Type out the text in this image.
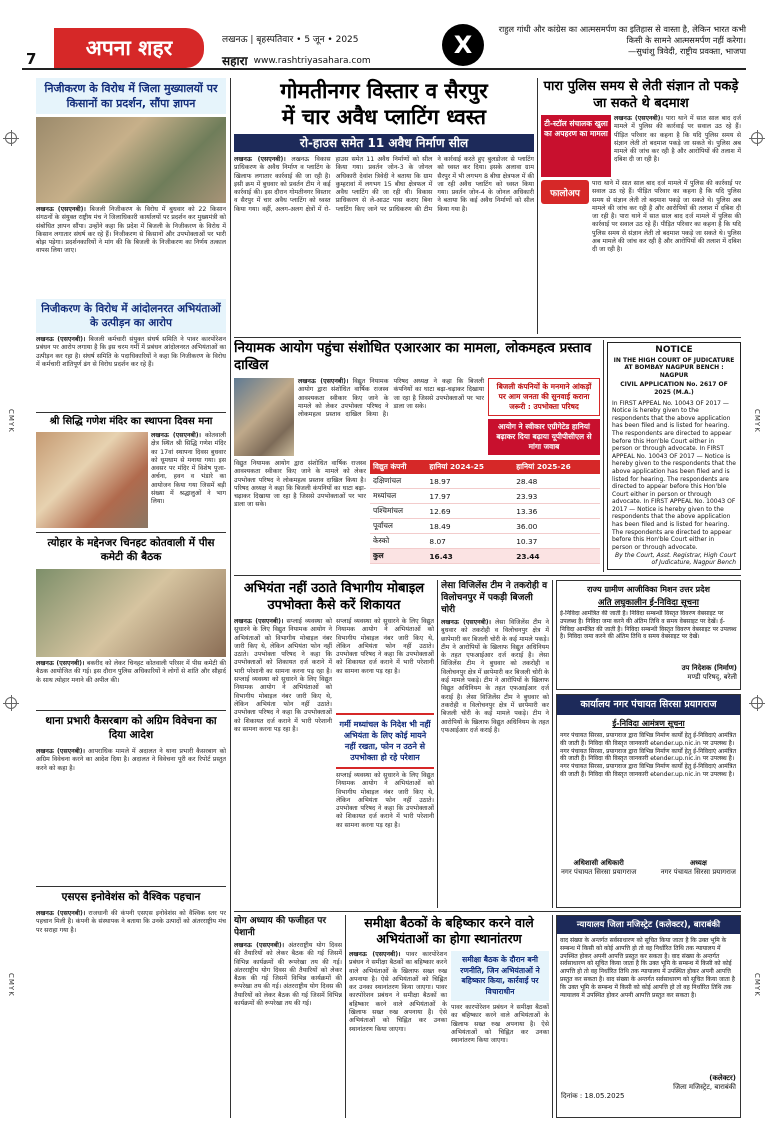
CMYK
CMYK
CMYK
CMYK
7	अपना शहर	लखनऊ | बृहस्पतिवार • 5 जून • 2025
सहारा www.rashtriyasahara.com
X
राहुल गांधी और कांग्रेस का आत्मसमर्पण का इतिहास से वास्ता है, लेकिन भारत कभी किसी के सामने आत्मसमर्पण नहीं करेगा।
—सुधांशु त्रिवेदी, राष्ट्रीय प्रवक्ता, भाजपा
निजीकरण के विरोध में जिला मुख्यालयों पर किसानों का प्रदर्शन, सौंपा ज्ञापन
लखनऊ (एसएनबी)। बिजली निजीकरण के विरोध में बुधवार को 22 किसान संगठनों के संयुक्त राष्ट्रीय मंच ने जिलाधिकारी कार्यालयों पर प्रदर्शन कर मुख्यमंत्री को संबोधित ज्ञापन सौंपा। उन्होंने कहा कि प्रदेश में बिजली के निजीकरण के विरोध में किसान लगातार संघर्ष कर रहे हैं। निजीकरण से किसानों और उपभोक्ताओं पर भारी बोझ पड़ेगा। प्रदर्शनकारियों ने मांग की कि बिजली के निजीकरण का निर्णय तत्काल वापस लिया जाए।
निजीकरण के विरोध में आंदोलनरत अभियंताओं के उत्पीड़न का आरोप
लखनऊ (एसएनबी)। बिजली कर्मचारी संयुक्त संघर्ष समिति ने पावर कारपोरेशन प्रबंधन पर आरोप लगाया है कि इस चरम गर्मी में प्रबंधन आंदोलनरत अभियंताओं का उत्पीड़न कर रहा है। संघर्ष समिति के पदाधिकारियों ने कहा कि निजीकरण के विरोध में कर्मचारी शांतिपूर्ण ढंग से विरोध प्रदर्शन कर रहे हैं।
श्री सिद्धि गणेश मंदिर का स्थापना दिवस मना
लखनऊ (एसएनबी)। कोतवाली क्षेत्र स्थित श्री सिद्धि गणेश मंदिर का 17वां स्थापना दिवस बुधवार को धूमधाम से मनाया गया। इस अवसर पर मंदिर में विशेष पूजा-अर्चना, हवन व भंडारे का आयोजन किया गया जिसमें बड़ी संख्या में श्रद्धालुओं ने भाग लिया।
त्योहार के मद्देनजर चिनहट कोतवाली में पीस कमेटी की बैठक
लखनऊ (एसएनबी)। बकरीद को लेकर चिनहट कोतवाली परिसर में पीस कमेटी की बैठक आयोजित की गई। इस दौरान पुलिस अधिकारियों ने लोगों से शांति और सौहार्द के साथ त्योहार मनाने की अपील की।
थाना प्रभारी कैसरबाग को अग्रिम विवेचना का दिया आदेश
लखनऊ (एसएनबी)। आपराधिक मामले में अदालत ने थाना प्रभारी कैसरबाग को अग्रिम विवेचना करने का आदेश दिया है। अदालत ने विवेचना पूरी कर रिपोर्ट प्रस्तुत करने को कहा है।
एसएस इनोवेशंस को वैश्विक पहचान
लखनऊ (एसएनबी)। राजधानी की कंपनी एसएस इनोवेशंस को वैश्विक स्तर पर पहचान मिली है। कंपनी के संस्थापक ने बताया कि उनके उत्पादों को अंतरराष्ट्रीय मंच पर सराहा गया है।
गोमतीनगर विस्तार व सैरपुर
में चार अवैध प्लाटिंग ध्वस्त
रो-हाउस समेत 11 अवैध निर्माण सील
लखनऊ (एसएनबी)। लखनऊ विकास प्राधिकरण के अवैध निर्माण व प्लाटिंग के खिलाफ लगातार कार्रवाई की जा रही है। इसी क्रम में बुधवार को प्रवर्तन टीम ने कई कार्रवाई की। इस दौरान गोमतीनगर विस्तार व सैरपुर में चार अवैध प्लाटिंग को ध्वस्त किया गया। वहीं, अलग-अलग क्षेत्रों में रो-हाउस समेत 11 अवैध निर्माणों को सील किया गया। प्रवर्तन जोन-3 के जोनल अधिकारी देवांश त्रिवेदी ने बताया कि ग्राम कुम्हरावां में लगभग 15 बीघा क्षेत्रफल में अवैध प्लाटिंग की जा रही थी। विकास प्राधिकरण से ले-आउट पास कराए बिना प्लाटिंग किए जाने पर प्राधिकरण की टीम ने कार्रवाई करते हुए बुलडोजर से प्लाटिंग को ध्वस्त कर दिया। इसके अलावा ग्राम सैरपुर में भी लगभग 8 बीघा क्षेत्रफल में की जा रही अवैध प्लाटिंग को ध्वस्त किया गया। प्रवर्तन जोन-4 के जोनल अधिकारी ने बताया कि कई अवैध निर्माणों को सील किया गया है।
पारा पुलिस समय से लेती संज्ञान तो पकड़े जा सकते थे बदमाश
टी-स्टॉल संचालक खुला का अपहरण का मामला
लखनऊ (एसएनबी)। पारा थाने में सात साल बाद दर्ज मामले में पुलिस की कार्रवाई पर सवाल उठ रहे हैं। पीड़ित परिवार का कहना है कि यदि पुलिस समय से संज्ञान लेती तो बदमाश पकड़े जा सकते थे। पुलिस अब मामले की जांच कर रही है और आरोपियों की तलाश में दबिश दी जा रही है।
फालोअप
पारा थाने में सात साल बाद दर्ज मामले में पुलिस की कार्रवाई पर सवाल उठ रहे हैं। पीड़ित परिवार का कहना है कि यदि पुलिस समय से संज्ञान लेती तो बदमाश पकड़े जा सकते थे। पुलिस अब मामले की जांच कर रही है और आरोपियों की तलाश में दबिश दी जा रही है। पारा थाने में सात साल बाद दर्ज मामले में पुलिस की कार्रवाई पर सवाल उठ रहे हैं। पीड़ित परिवार का कहना है कि यदि पुलिस समय से संज्ञान लेती तो बदमाश पकड़े जा सकते थे। पुलिस अब मामले की जांच कर रही है और आरोपियों की तलाश में दबिश दी जा रही है।
नियामक आयोग पहुंचा संशोधित एआरआर का मामला, लोकमहत्व प्रस्ताव दाखिल
लखनऊ (एसएनबी)। विद्युत नियामक आयोग द्वारा संशोधित वार्षिक राजस्व आवश्यकता स्वीकार किए जाने के मामले को लेकर उपभोक्ता परिषद ने लोकमहत्व प्रस्ताव दाखिल किया है। परिषद अध्यक्ष ने कहा कि बिजली कंपनियों का घाटा बढ़ा-चढ़ाकर दिखाया जा रहा है जिससे उपभोक्ताओं पर भार डाला जा सके।
बिजली कंपनियों के मनमाने आंकड़ों पर आम जनता की सुनवाई कराना जरूरी : उपभोक्ता परिषद
आयोग ने स्वीकार एग्रीगेटेड हानियां बढ़ाकर दिया बढ़ाया यूपीपीसीएल से मांगा जवाब
विद्युत नियामक आयोग द्वारा संशोधित वार्षिक राजस्व आवश्यकता स्वीकार किए जाने के मामले को लेकर उपभोक्ता परिषद ने लोकमहत्व प्रस्ताव दाखिल किया है। परिषद अध्यक्ष ने कहा कि बिजली कंपनियों का घाटा बढ़ा-चढ़ाकर दिखाया जा रहा है जिससे उपभोक्ताओं पर भार डाला जा सके।
विद्युत कंपनी	हानियां 2024-25	हानियां 2025-26
दक्षिणांचल	18.97	28.48
मध्यांचल	17.97	23.93
पश्चिमांचल	12.69	13.36
पूर्वांचल	18.49	36.00
केस्को	8.07	10.37
कुल	16.43	23.44
NOTICE
IN THE HIGH COURT OF JUDICATURE AT BOMBAY NAGPUR BENCH : NAGPUR
CIVIL APPLICATION No. 2617 OF 2025 (M.A.)
In FIRST APPEAL No. 10043 OF 2017 — Notice is hereby given to the respondents that the above application has been filed and is listed for hearing. The respondents are directed to appear before this Hon'ble Court either in person or through advocate. In FIRST APPEAL No. 10043 OF 2017 — Notice is hereby given to the respondents that the above application has been filed and is listed for hearing. The respondents are directed to appear before this Hon'ble Court either in person or through advocate. In FIRST APPEAL No. 10043 OF 2017 — Notice is hereby given to the respondents that the above application has been filed and is listed for hearing. The respondents are directed to appear before this Hon'ble Court either in person or through advocate.
By the Court, Asst. Registrar, High Court of Judicature, Nagpur Bench
अभियंता नहीं उठाते विभागीय मोबाइल
उपभोक्ता कैसे करें शिकायत
लखनऊ (एसएनबी)। सप्लाई व्यवस्था को सुधारने के लिए विद्युत नियामक आयोग ने अभियंताओं को विभागीय मोबाइल नंबर जारी किए थे, लेकिन अभियंता फोन नहीं उठाते। उपभोक्ता परिषद ने कहा कि उपभोक्ताओं को शिकायत दर्ज कराने में भारी परेशानी का सामना करना पड़ रहा है। सप्लाई व्यवस्था को सुधारने के लिए विद्युत नियामक आयोग ने अभियंताओं को विभागीय मोबाइल नंबर जारी किए थे, लेकिन अभियंता फोन नहीं उठाते। उपभोक्ता परिषद ने कहा कि उपभोक्ताओं को शिकायत दर्ज कराने में भारी परेशानी का सामना करना पड़ रहा है।
सप्लाई व्यवस्था को सुधारने के लिए विद्युत नियामक आयोग ने अभियंताओं को विभागीय मोबाइल नंबर जारी किए थे, लेकिन अभियंता फोन नहीं उठाते। उपभोक्ता परिषद ने कहा कि उपभोक्ताओं को शिकायत दर्ज कराने में भारी परेशानी का सामना करना पड़ रहा है।
गर्मी मध्यांचल के निदेश भी नहीं अभियंता के लिए कोई मायने नहीं रखता, फोन न उठने से उपभोक्ता हो रहे परेशान
सप्लाई व्यवस्था को सुधारने के लिए विद्युत नियामक आयोग ने अभियंताओं को विभागीय मोबाइल नंबर जारी किए थे, लेकिन अभियंता फोन नहीं उठाते। उपभोक्ता परिषद ने कहा कि उपभोक्ताओं को शिकायत दर्ज कराने में भारी परेशानी का सामना करना पड़ रहा है।
लेसा विजिलेंस टीम ने तकरोही व विलोचनपुर में पकड़ी बिजली चोरी
लखनऊ (एसएनबी)। लेसा विजिलेंस टीम ने बुधवार को तकरोही व विलोचनपुर क्षेत्र में छापेमारी कर बिजली चोरी के कई मामले पकड़े। टीम ने आरोपियों के खिलाफ विद्युत अधिनियम के तहत एफआईआर दर्ज कराई है। लेसा विजिलेंस टीम ने बुधवार को तकरोही व विलोचनपुर क्षेत्र में छापेमारी कर बिजली चोरी के कई मामले पकड़े। टीम ने आरोपियों के खिलाफ विद्युत अधिनियम के तहत एफआईआर दर्ज कराई है। लेसा विजिलेंस टीम ने बुधवार को तकरोही व विलोचनपुर क्षेत्र में छापेमारी कर बिजली चोरी के कई मामले पकड़े। टीम ने आरोपियों के खिलाफ विद्युत अधिनियम के तहत एफआईआर दर्ज कराई है।
राज्य ग्रामीण आजीविका मिशन उत्तर प्रदेश
अति लघुकालीन ई-निविदा सूचना
ई-निविदा आमंत्रित की जाती है। निविदा सम्बन्धी विस्तृत विवरण वेबसाइट पर उपलब्ध है। निविदा जमा करने की अंतिम तिथि व समय वेबसाइट पर देखें। ई-निविदा आमंत्रित की जाती है। निविदा सम्बन्धी विस्तृत विवरण वेबसाइट पर उपलब्ध है। निविदा जमा करने की अंतिम तिथि व समय वेबसाइट पर देखें।
उप निदेशक (निर्माण)
मण्डी परिषद्, बरेली
कार्यालय नगर पंचायत सिरसा प्रयागराज
ई-निविदा आमंत्रण सूचना
नगर पंचायत सिरसा, प्रयागराज द्वारा विभिन्न निर्माण कार्यों हेतु ई-निविदाएं आमंत्रित की जाती हैं। निविदा की विस्तृत जानकारी etender.up.nic.in पर उपलब्ध है। नगर पंचायत सिरसा, प्रयागराज द्वारा विभिन्न निर्माण कार्यों हेतु ई-निविदाएं आमंत्रित की जाती हैं। निविदा की विस्तृत जानकारी etender.up.nic.in पर उपलब्ध है। नगर पंचायत सिरसा, प्रयागराज द्वारा विभिन्न निर्माण कार्यों हेतु ई-निविदाएं आमंत्रित की जाती हैं। निविदा की विस्तृत जानकारी etender.up.nic.in पर उपलब्ध है।
अधिशासी अधिकारी
नगर पंचायत सिरसा प्रयागराज
अध्यक्ष
नगर पंचायत सिरसा प्रयागराज
योग अध्याय की फजीहत पर पेशानी
लखनऊ (एसएनबी)। अंतरराष्ट्रीय योग दिवस की तैयारियों को लेकर बैठक की गई जिसमें विभिन्न कार्यक्रमों की रूपरेखा तय की गई। अंतरराष्ट्रीय योग दिवस की तैयारियों को लेकर बैठक की गई जिसमें विभिन्न कार्यक्रमों की रूपरेखा तय की गई। अंतरराष्ट्रीय योग दिवस की तैयारियों को लेकर बैठक की गई जिसमें विभिन्न कार्यक्रमों की रूपरेखा तय की गई।
समीक्षा बैठकों के बहिष्कार करने वाले अभियंताओं का होगा स्थानांतरण
लखनऊ (एसएनबी)। पावर कारपोरेशन प्रबंधन ने समीक्षा बैठकों का बहिष्कार करने वाले अभियंताओं के खिलाफ सख्त रुख अपनाया है। ऐसे अभियंताओं को चिह्नित कर उनका स्थानांतरण किया जाएगा। पावर कारपोरेशन प्रबंधन ने समीक्षा बैठकों का बहिष्कार करने वाले अभियंताओं के खिलाफ सख्त रुख अपनाया है। ऐसे अभियंताओं को चिह्नित कर उनका स्थानांतरण किया जाएगा।
समीक्षा बैठक के दौरान बनी रणनीति, जिन अभियंताओं ने बहिष्कार किया, कार्रवाई पर विचाराधीन
पावर कारपोरेशन प्रबंधन ने समीक्षा बैठकों का बहिष्कार करने वाले अभियंताओं के खिलाफ सख्त रुख अपनाया है। ऐसे अभियंताओं को चिह्नित कर उनका स्थानांतरण किया जाएगा।
न्यायालय जिला मजिस्ट्रेट (कलेक्टर), बाराबंकी
वाद संख्या के अन्तर्गत सर्वसाधारण को सूचित किया जाता है कि उक्त भूमि के सम्बन्ध में किसी को कोई आपत्ति हो तो वह निर्धारित तिथि तक न्यायालय में उपस्थित होकर अपनी आपत्ति प्रस्तुत कर सकता है। वाद संख्या के अन्तर्गत सर्वसाधारण को सूचित किया जाता है कि उक्त भूमि के सम्बन्ध में किसी को कोई आपत्ति हो तो वह निर्धारित तिथि तक न्यायालय में उपस्थित होकर अपनी आपत्ति प्रस्तुत कर सकता है। वाद संख्या के अन्तर्गत सर्वसाधारण को सूचित किया जाता है कि उक्त भूमि के सम्बन्ध में किसी को कोई आपत्ति हो तो वह निर्धारित तिथि तक न्यायालय में उपस्थित होकर अपनी आपत्ति प्रस्तुत कर सकता है।
(कलेक्टर)
जिला मजिस्ट्रेट, बाराबंकी
दिनांक : 18.05.2025
